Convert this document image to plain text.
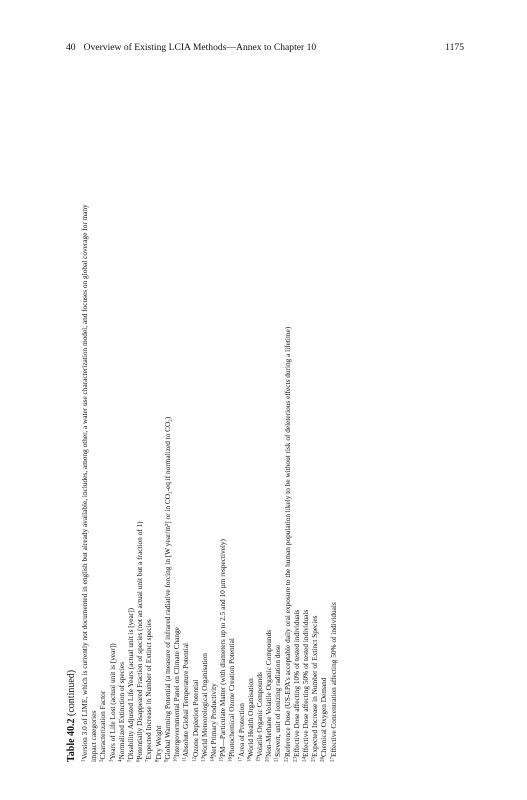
40 Overview of Existing LCIA Methods—Annex to Chapter 10	1175
Table 40.2 (continued)
$^1$Version 3.0 of LIME, which is currently not documented in english but already available, includes, among other, a water use characterization model, and focuses on global coverage for many impact categories $^2$Characterization Factor
$^3$Years of Life Lost (actual unit is [year])
$^4$Normalized Extinction of species
$^5$Disability Adjusted Life Years (actual unit is [year])
$^6$Potentially Disappeared Fraction of species (not an actual unit but a fraction of 1)
$^7$Expected Increase in Number of Extinct species
$^8$Dry Weight
$^9$Global Warming Potential (a measure of infrared radiative forcing in [W year/m²] or in CO₂-eq if normalized to CO₂) $^{10}$Intergovernmental Panel on Climate Change
$^{11}$Absolute Global Temperature Potential
$^{12}$Ozone Depletion Potential
$^{13}$World Meteorological Organisation
$^{14}$Net Primary Productivity
$^{15}$PM—Particulate Matter (with diameters up to 2.5 and 10 µm respectively)
$^{16}$Photochemical Ozone Creation Potential
$^{17}$Area of Protection
$^{18}$World Health Organisation
$^{19}$Volatile Organic Compounds
$^{20}$Non-Methane Volatile Organic Compounds
$^{21}$Sievert, unit of ionizing radiation dose
$^{22}$Reference Dose (US-EPA's acceptable daily oral exposure to the human population likely to be without risk of deleterious effects during a lifetime)
$^{23}$Effective Dose affecting 10% of tested individuals
$^{24}$Effective Dose affecting 50% of tested individuals
$^{25}$Expected Increase in Number of Extinct Species
$^{26}$Chemical Oxygen Demand
$^{27}$Effective Concentration affecting 50% of individuals
